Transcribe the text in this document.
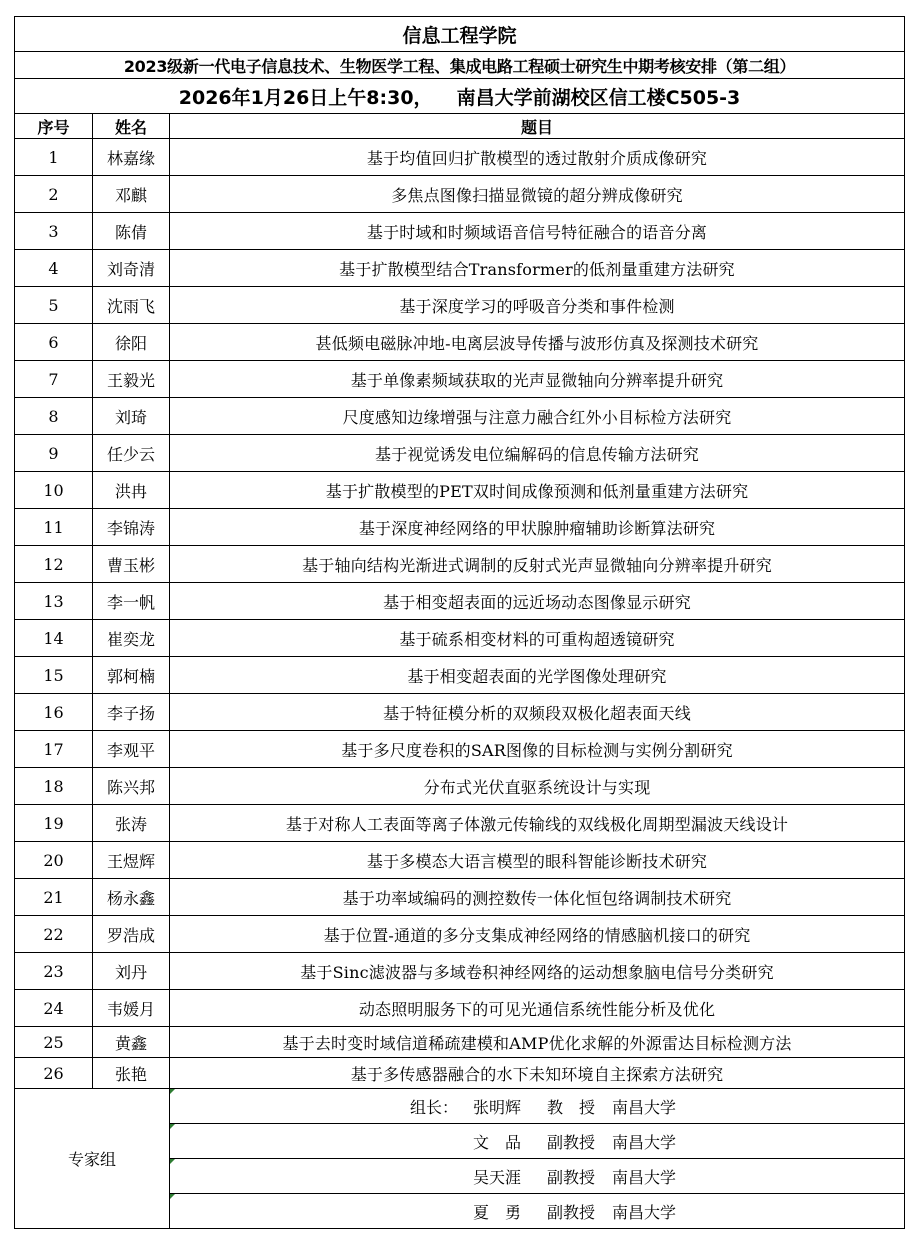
信息工程学院		
2023级新一代电子信息技术、生物医学工程、集成电路工程硕士研究生中期考核安排（第二组）		
2026年1月26日上午8:30， 南昌大学前湖校区信工楼C505-3		
序号	姓名	题目
1	林嘉缘	基于均值回归扩散模型的透过散射介质成像研究
2	邓麒	多焦点图像扫描显微镜的超分辨成像研究
3	陈倩	基于时域和时频域语音信号特征融合的语音分离
4	刘奇清	基于扩散模型结合Transformer的低剂量重建方法研究
5	沈雨飞	基于深度学习的呼吸音分类和事件检测
6	徐阳	甚低频电磁脉冲地-电离层波导传播与波形仿真及探测技术研究
7	王毅光	基于单像素频域获取的光声显微轴向分辨率提升研究
8	刘琦	尺度感知边缘增强与注意力融合红外小目标检方法研究
9	任少云	基于视觉诱发电位编解码的信息传输方法研究
10	洪冉	基于扩散模型的PET双时间成像预测和低剂量重建方法研究
11	李锦涛	基于深度神经网络的甲状腺肿瘤辅助诊断算法研究
12	曹玉彬	基于轴向结构光渐进式调制的反射式光声显微轴向分辨率提升研究
13	李一帆	基于相变超表面的远近场动态图像显示研究
14	崔奕龙	基于硫系相变材料的可重构超透镜研究
15	郭柯楠	基于相变超表面的光学图像处理研究
16	李子扬	基于特征模分析的双频段双极化超表面天线
17	李观平	基于多尺度卷积的SAR图像的目标检测与实例分割研究
18	陈兴邦	分布式光伏直驱系统设计与实现
19	张涛	基于对称人工表面等离子体激元传输线的双线极化周期型漏波天线设计
20	王煜辉	基于多模态大语言模型的眼科智能诊断技术研究
21	杨永鑫	基于功率域编码的测控数传一体化恒包络调制技术研究
22	罗浩成	基于位置-通道的多分支集成神经网络的情感脑机接口的研究
23	刘丹	基于Sinc滤波器与多域卷积神经网络的运动想象脑电信号分类研究
24	韦媛月	动态照明服务下的可见光通信系统性能分析及优化
25	黄鑫	基于去时变时域信道稀疏建模和AMP优化求解的外源雷达目标检测方法
26	张艳	基于多传感器融合的水下未知环境自主探索方法研究
专家组		组长： 张明辉 教　授 南昌大学

文　品 副教授 南昌大学

吴天涯 副教授 南昌大学

夏　勇 副教授 南昌大学
